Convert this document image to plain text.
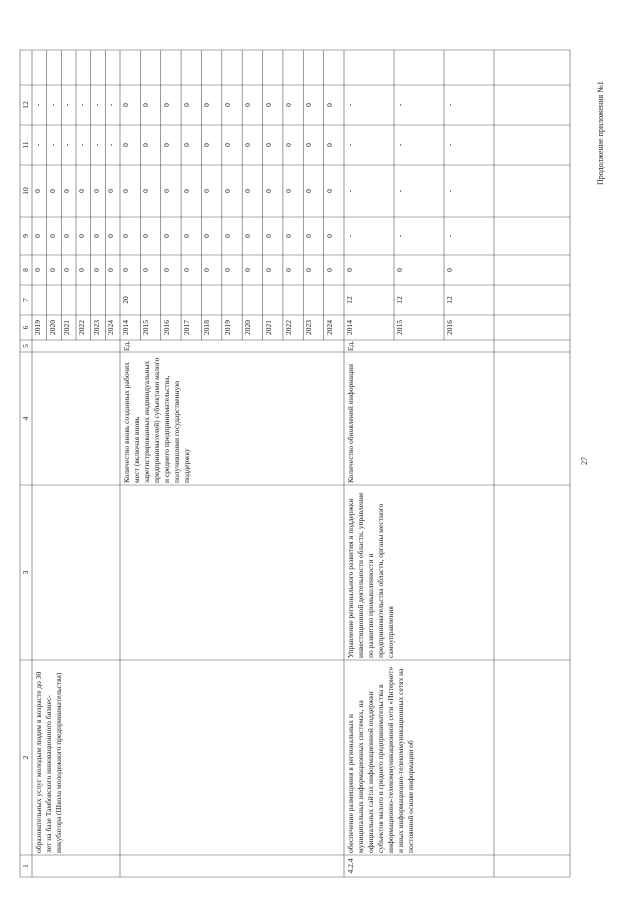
27
Продолжение приложения №1
1
2
3
4
5
6
7
8
9
10
11
12
образовательных услуг молодым людям в возрасте до 30 лет на базе Тамбовского инновационного бизнес-инкубатора (Школа молодежного предпринимательства)
2019
0
0
0
-
-
2020
0
0
0
-
-
2021
0
0
0
-
-
2022
0
0
0
-
-
2023
0
0
0
-
-
2024
0
0
0
-
-
Количество вновь созданных рабочих мест (включая вновь зарегистрированных индивидуальных предпринимателей) субъектами малого и среднего предпринимательства, получившими государственную поддержку
Ед.
2014
20
0
0
0
0
0
2015
0
0
0
0
0
2016
0
0
0
0
0
2017
0
0
0
0
0
2018
0
0
0
0
0
2019
0
0
0
0
0
2020
0
0
0
0
0
2021
0
0
0
0
0
2022
0
0
0
0
0
2023
0
0
0
0
0
2024
0
0
0
0
0
4.2.4
обеспечение размещения в региональных и муниципальных информационных системах, на официальных сайтах информационной поддержки субъектов малого и среднего предпринимательства в информационно-телекоммуникационной сети «Интернет» и иных информационно-телекоммуникационных сетях на постоянной основе информации об
Управление регионального развития и поддержки инвестиционной деятельности области, управление по развитию промышленности и предпринимательства области, органы местного самоуправления
Количество обновлений информации
Ед.
2014
12
0
-
-
-
-
2015
12
0
-
-
-
-
2016
12
0
-
-
-
-
